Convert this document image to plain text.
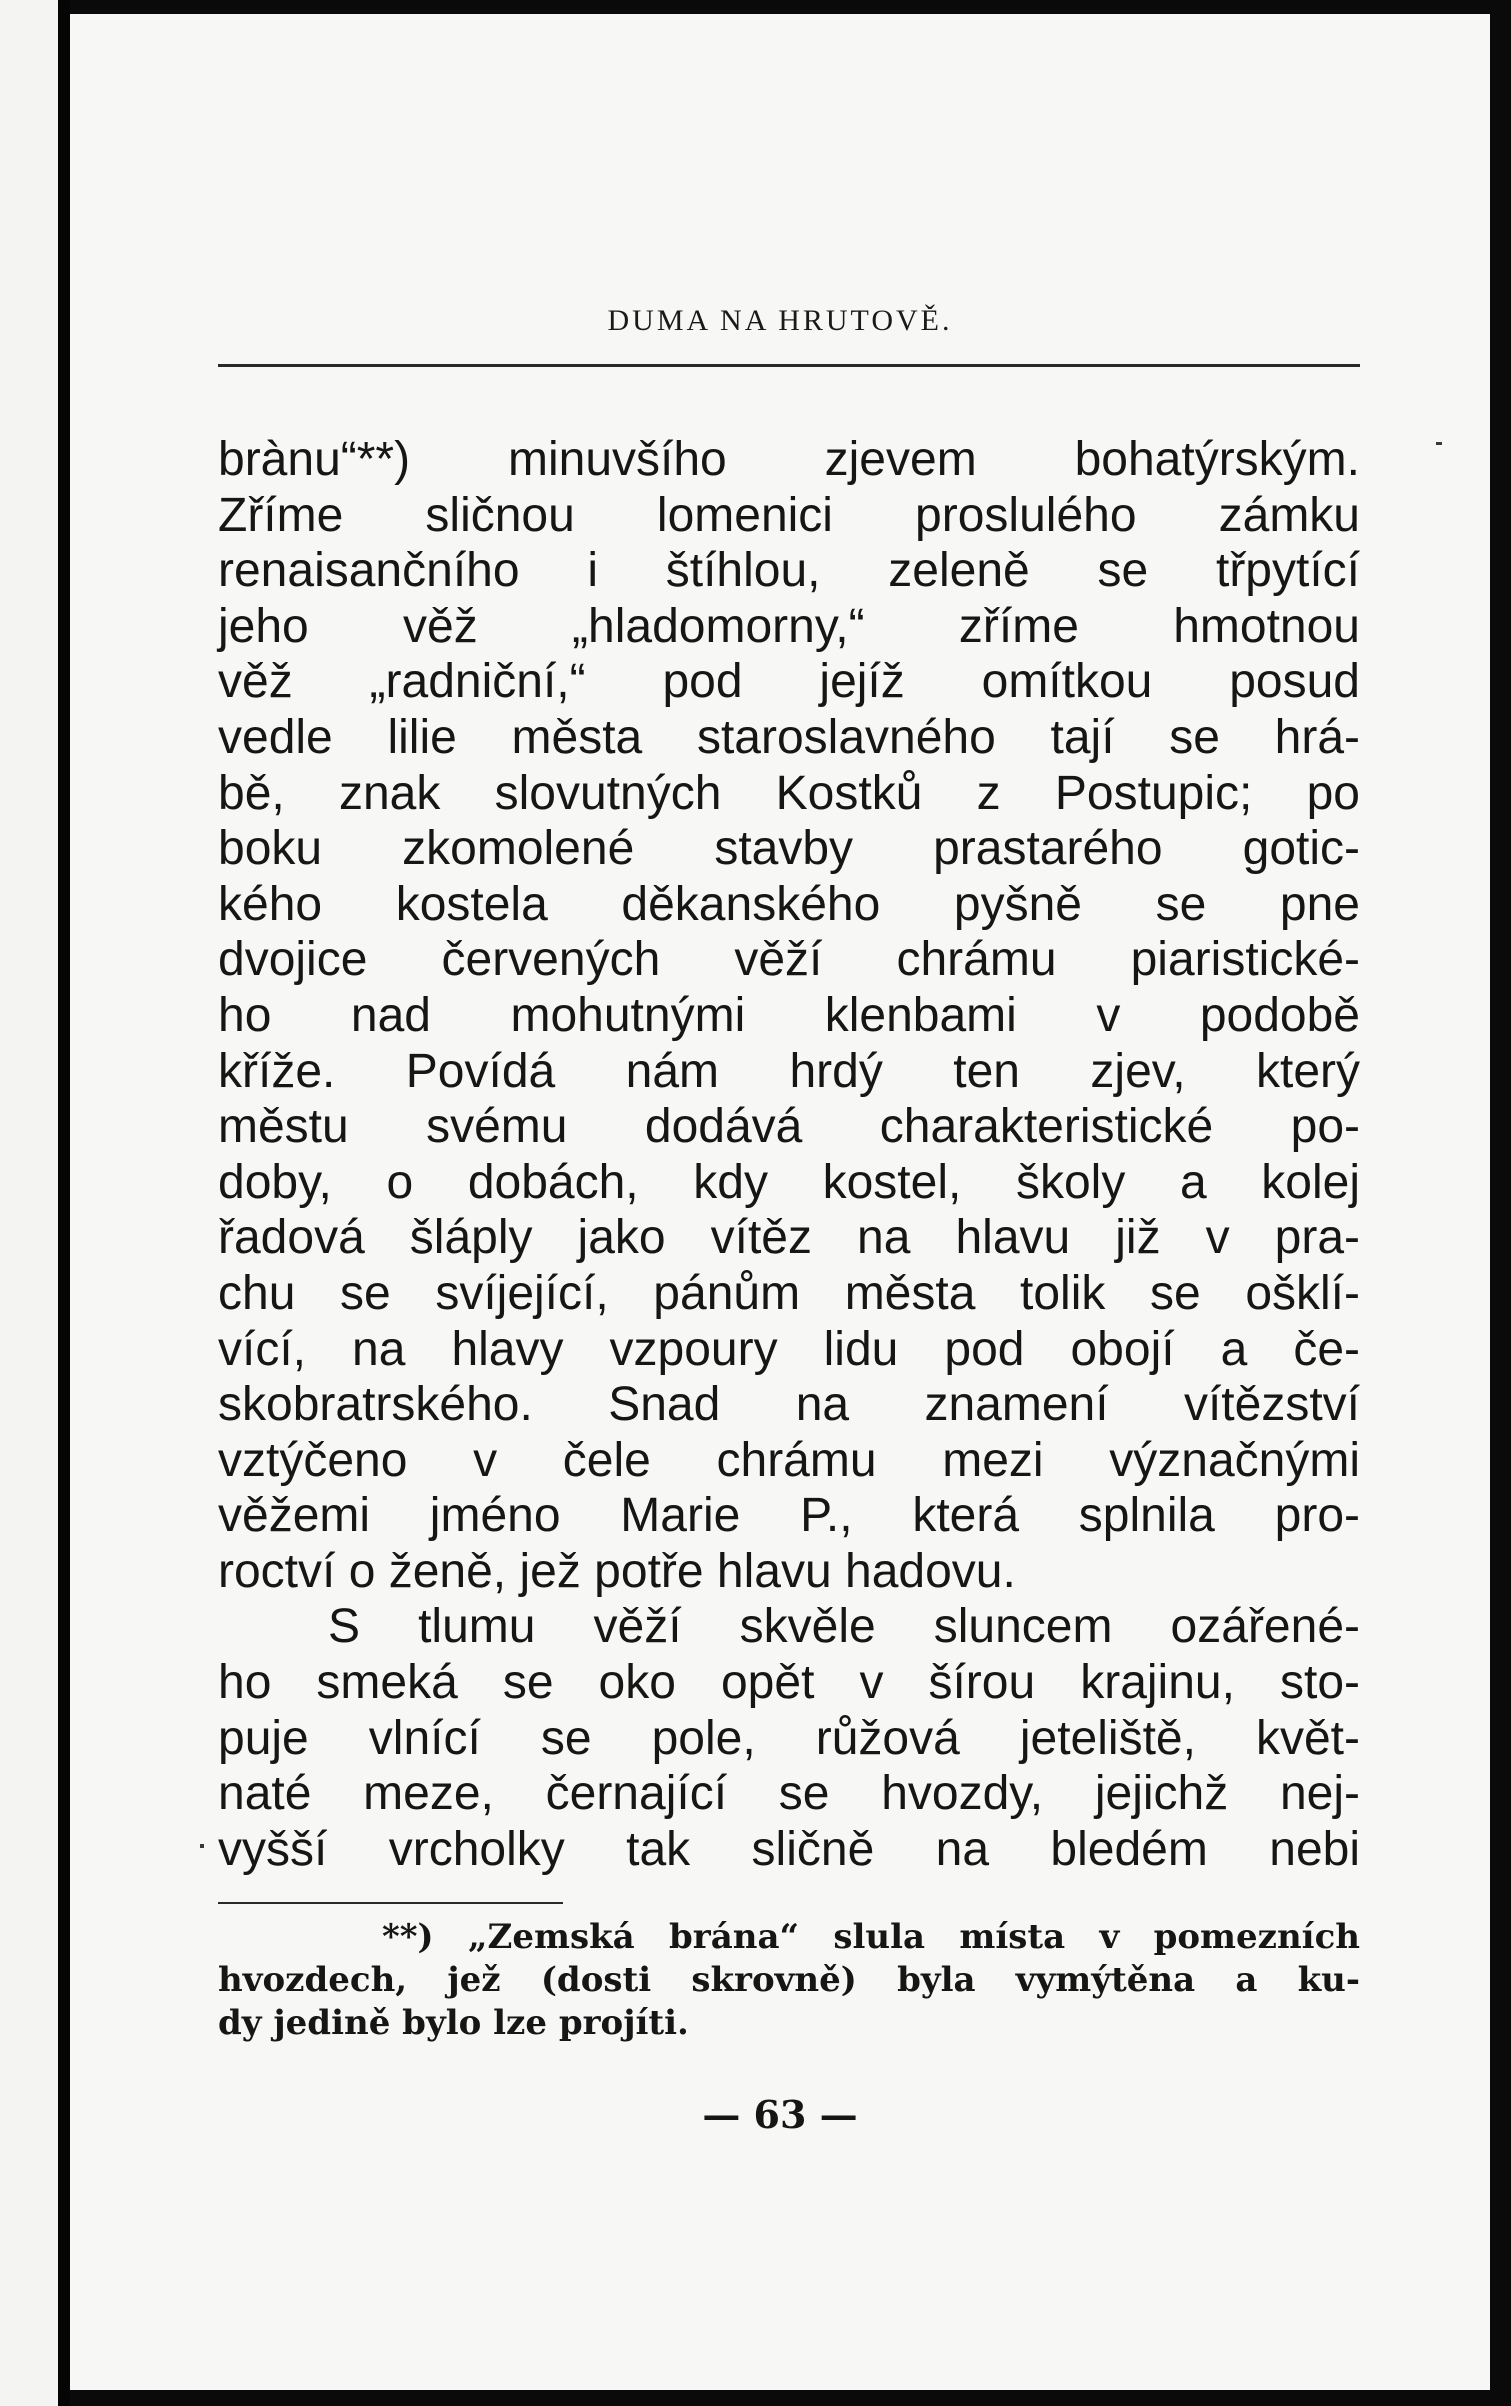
DUMA NA HRUTOVĚ.
brànu“**) minuvšího zjevem bohatýrským.
Zříme sličnou lomenici proslulého zámku
renaisančního i štíhlou, zeleně se třpytící
jeho věž „hladomorny,“ zříme hmotnou
věž „radniční,“ pod jejíž omítkou posud
vedle lilie města staroslavného tají se hrá-
bě, znak slovutných Kostků z Postupic; po
boku zkomolené stavby prastarého gotic-
kého kostela děkanského pyšně se pne
dvojice červených věží chrámu piaristické-
ho nad mohutnými klenbami v podobě
kříže. Povídá nám hrdý ten zjev, který
městu svému dodává charakteristické po-
doby, o dobách, kdy kostel, školy a kolej
řadová šláply jako vítěz na hlavu již v pra-
chu se svíjející, pánům města tolik se ošklí-
vící, na hlavy vzpoury lidu pod obojí a če-
skobratrského. Snad na znamení vítězství
vztýčeno v čele chrámu mezi význačnými
věžemi jméno Marie P., která splnila pro-
roctví o ženě, jež potře hlavu hadovu.
S tlumu věží skvěle sluncem ozářené-
ho smeká se oko opět v šírou krajinu, sto-
puje vlnící se pole, růžová jeteliště, květ-
naté meze, černající se hvozdy, jejichž nej-
vyšší vrcholky tak sličně na bledém nebi
**) „Zemská brána“ slula místa v pomezních
hvozdech, jež (dosti skrovně) byla vymýtěna a ku-
dy jedině bylo lze projíti.
— 63 —
